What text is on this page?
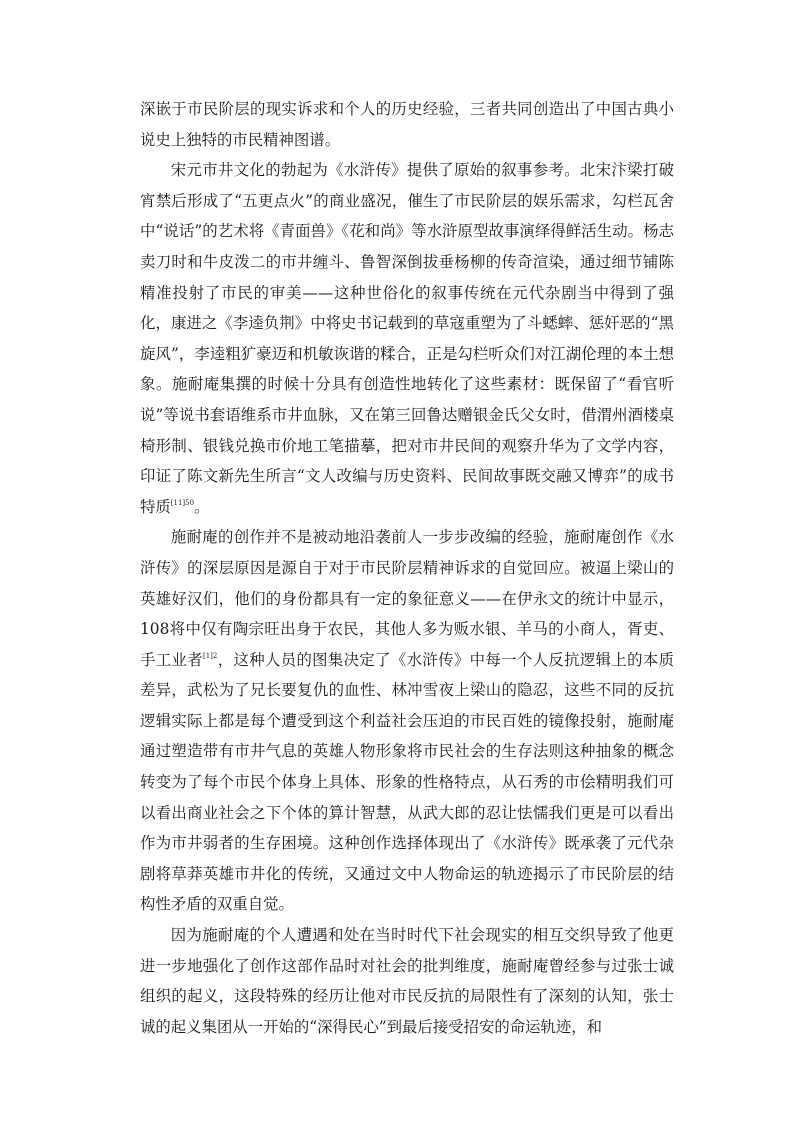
深嵌于市民阶层的现实诉求和个人的历史经验，三者共同创造出了中国古典小说史上独特的市民精神图谱。

宋元市井文化的勃起为《水浒传》提供了原始的叙事参考。北宋汴梁打破宵禁后形成了“五更点火”的商业盛况，催生了市民阶层的娱乐需求，勾栏瓦舍中“说话”的艺术将《青面兽》《花和尚》等水浒原型故事演绎得鲜活生动。杨志卖刀时和牛皮泼二的市井缠斗、鲁智深倒拔垂杨柳的传奇渲染，通过细节铺陈精准投射了市民的审美——这种世俗化的叙事传统在元代杂剧当中得到了强化，康进之《李逵负荆》中将史书记载到的草寇重塑为了斗蟋蟀、惩奸恶的“黑旋风”，李逵粗犷豪迈和机敏诙谐的糅合，正是勾栏听众们对江湖伦理的本土想象。施耐庵集撰的时候十分具有创造性地转化了这些素材：既保留了“看官听说”等说书套语维系市井血脉，又在第三回鲁达赠银金氏父女时，借渭州酒楼桌椅形制、银钱兑换市价地工笔描摹，把对市井民间的观察升华为了文学内容，印证了陈文新先生所言“文人改编与历史资料、民间故事既交融又博弈”的成书特质$^{[11]50}$。

施耐庵的创作并不是被动地沿袭前人一步步改编的经验，施耐庵创作《水浒传》的深层原因是源自于对于市民阶层精神诉求的自觉回应。被逼上梁山的英雄好汉们，他们的身份都具有一定的象征意义——在伊永文的统计中显示，108将中仅有陶宗旺出身于农民，其他人多为贩水银、羊马的小商人，胥吏、手工业者$^{[1]2}$，这种人员的图集决定了《水浒传》中每一个人反抗逻辑上的本质差异，武松为了兄长要复仇的血性、林冲雪夜上梁山的隐忍，这些不同的反抗逻辑实际上都是每个遭受到这个利益社会压迫的市民百姓的镜像投射，施耐庵通过塑造带有市井气息的英雄人物形象将市民社会的生存法则这种抽象的概念转变为了每个市民个体身上具体、形象的性格特点，从石秀的市侩精明我们可以看出商业社会之下个体的算计智慧，从武大郎的忍让怯懦我们更是可以看出作为市井弱者的生存困境。这种创作选择体现出了《水浒传》既承袭了元代杂剧将草莽英雄市井化的传统，又通过文中人物命运的轨迹揭示了市民阶层的结构性矛盾的双重自觉。

因为施耐庵的个人遭遇和处在当时时代下社会现实的相互交织导致了他更进一步地强化了创作这部作品时对社会的批判维度，施耐庵曾经参与过张士诚组织的起义，这段特殊的经历让他对市民反抗的局限性有了深刻的认知，张士诚的起义集团从一开始的“深得民心”到最后接受招安的命运轨迹，和
